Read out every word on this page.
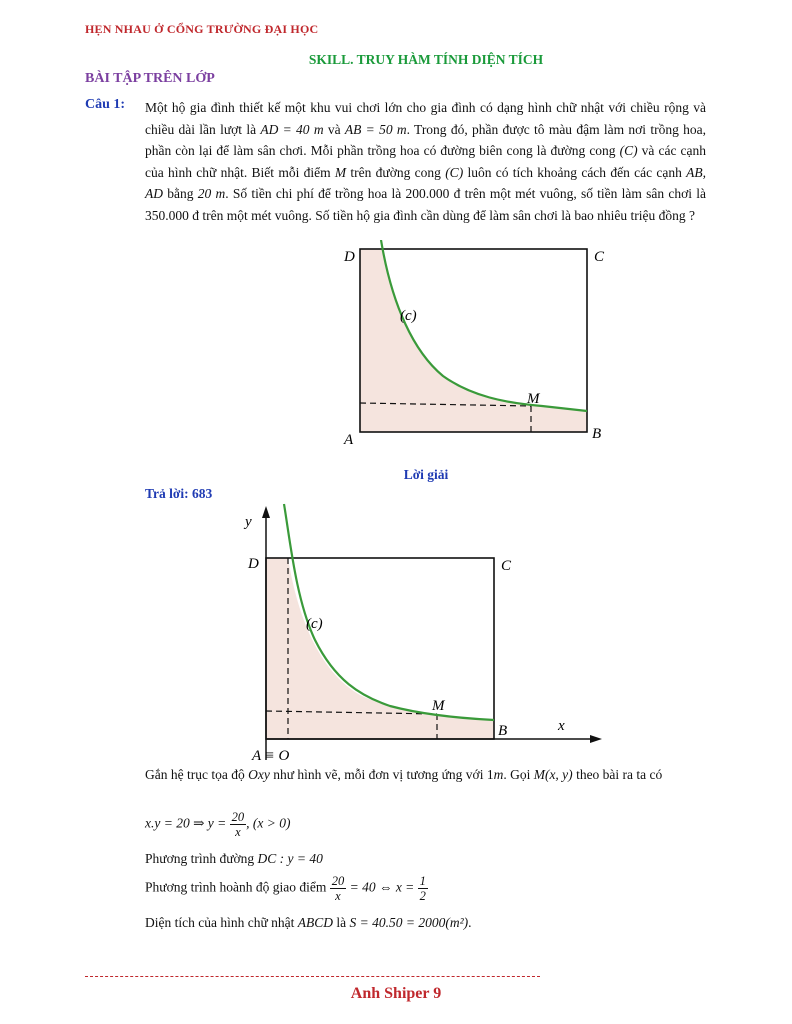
HẸN NHAU Ở CỔNG TRƯỜNG ĐẠI HỌC
SKILL. TRUY HÀM TÍNH DIỆN TÍCH
BÀI TẬP TRÊN LỚP
Câu 1: Một hộ gia đình thiết kế một khu vui chơi lớn cho gia đình có dạng hình chữ nhật với chiều rộng và chiều dài lần lượt là AD = 40 m và AB = 50 m. Trong đó, phần được tô màu đậm làm nơi trồng hoa, phần còn lại để làm sân chơi. Mỗi phần trồng hoa có đường biên cong là đường cong (C) và các cạnh của hình chữ nhật. Biết mỗi điểm M trên đường cong (C) luôn có tích khoảng cách đến các cạnh AB, AD bằng 20 m. Số tiền chi phí để trồng hoa là 200.000 đ trên một mét vuông, số tiền làm sân chơi là 350.000 đ trên một mét vuông. Số tiền hộ gia đình cần dùng để làm sân chơi là bao nhiêu triệu đồng ?
D	C
A	B
(c)
M
Lời giải
Trả lời: 683
y
x
D	C
A ≡ O
B
(c)
M
Gắn hệ trục tọa độ Oxy như hình vẽ, mỗi đơn vị tương ứng với 1m. Gọi M(x, y) theo bài ra ta có
x.y = 20 ⇒ $y = \frac{20}{x}$ , (x > 0)
Phương trình đường DC : y = 40
Phương trình hoành độ giao điểm $\frac{20}{x} = 40$ ⇔ $x = \frac{1}{2}$
Diện tích của hình chữ nhật ABCD là S = 40.50 = 2000(m²).
Anh Shiper 9
